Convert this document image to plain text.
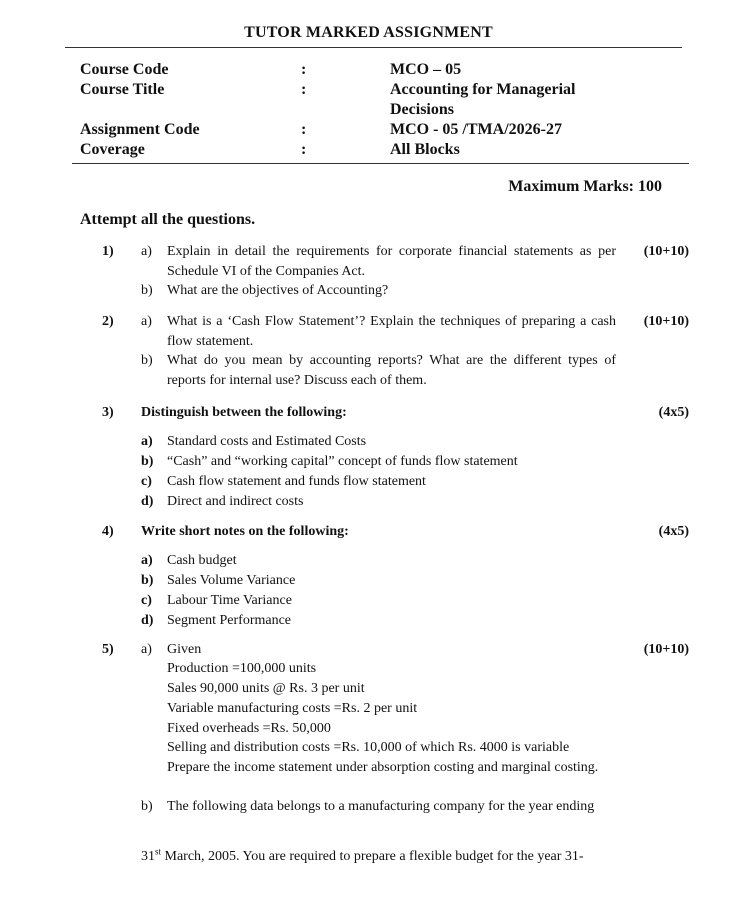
TUTOR MARKED ASSIGNMENT
Course Code	:	MCO – 05
Course Title	:	Accounting for Managerial
Decisions
Assignment Code	:	MCO - 05 /TMA/2026-27
Coverage	:	All Blocks
Maximum Marks: 100
Attempt all the questions.
1)	(10+10)
a) Explain in detail the requirements for corporate financial statements as per Schedule VI of the Companies Act.
b) What are the objectives of Accounting?
2)	(10+10)
a) What is a ‘Cash Flow Statement’? Explain the techniques of preparing a cash flow statement.
b) What do you mean by accounting reports? What are the different types of reports for internal use? Discuss each of them.
3) Distinguish between the following:	(4x5)
a) Standard costs and Estimated Costs
b) “Cash” and “working capital” concept of funds flow statement
c) Cash flow statement and funds flow statement
d) Direct and indirect costs
4) Write short notes on the following:	(4x5)
a) Cash budget
b) Sales Volume Variance
c) Labour Time Variance
d) Segment Performance
5)	(10+10)
a) Given
Production =100,000 units
Sales 90,000 units @ Rs. 3 per unit
Variable manufacturing costs =Rs. 2 per unit
Fixed overheads =Rs. 50,000
Selling and distribution costs =Rs. 10,000 of which Rs. 4000 is variable
Prepare the income statement under absorption costing and marginal costing.
b) The following data belongs to a manufacturing company for the year ending
31st March, 2005. You are required to prepare a flexible budget for the year 31-
